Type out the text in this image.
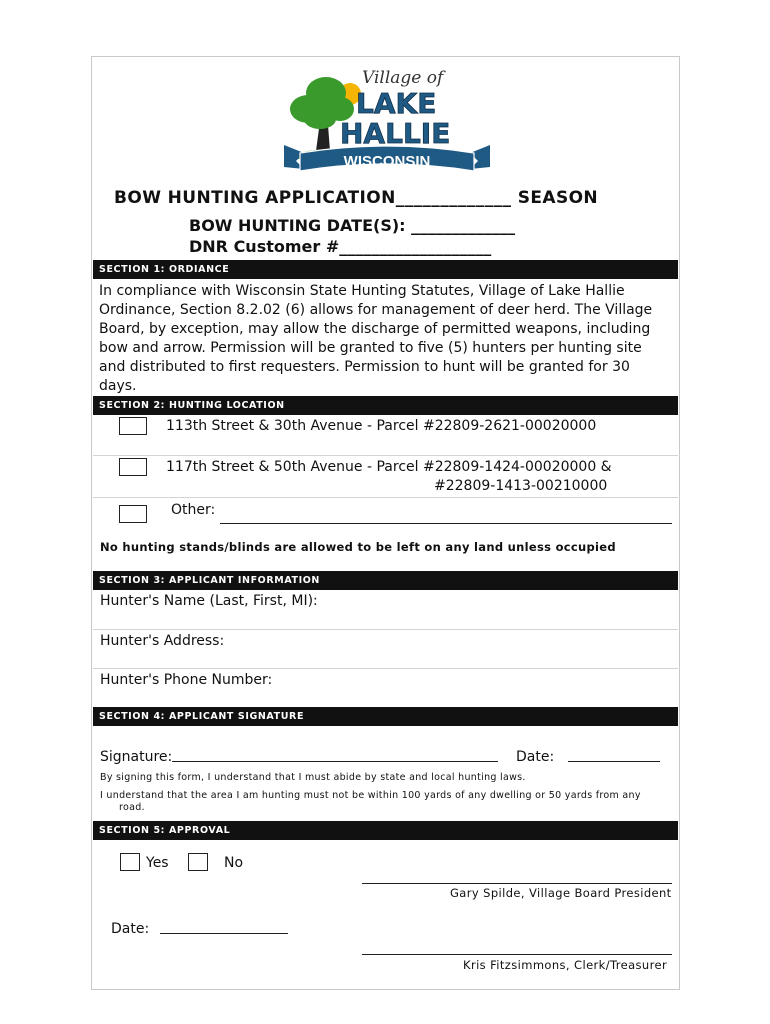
WISCONSIN
Village of
LAKE
HALLIE
BOW HUNTING APPLICATION_____________ SEASON
BOW HUNTING DATE(S): _____________
DNR Customer #___________________
SECTION 1: ORDIANCE
In compliance with Wisconsin State Hunting Statutes, Village of Lake Hallie Ordinance, Section 8.2.02 (6) allows for management of deer herd. The Village Board, by exception, may allow the discharge of permitted weapons, including bow and arrow. Permission will be granted to five (5) hunters per hunting site and distributed to first requesters. Permission to hunt will be granted for 30 days.
SECTION 2: HUNTING LOCATION
113th Street & 30th Avenue - Parcel #22809-2621-00020000
117th Street & 50th Avenue - Parcel #22809-1424-00020000 &
#22809-1413-00210000
Other:
No hunting stands/blinds are allowed to be left on any land unless occupied
SECTION 3: APPLICANT INFORMATION
Hunter's Name (Last, First, MI):
Hunter's Address:
Hunter's Phone Number:
SECTION 4: APPLICANT SIGNATURE
Signature:	Date:
By signing this form, I understand that I must abide by state and local hunting laws.
I understand that the area I am hunting must not be within 100 yards of any dwelling or 50 yards from any
road.
SECTION 5: APPROVAL
Yes	No
Gary Spilde, Village Board President
Date:
Kris Fitzsimmons, Clerk/Treasurer
